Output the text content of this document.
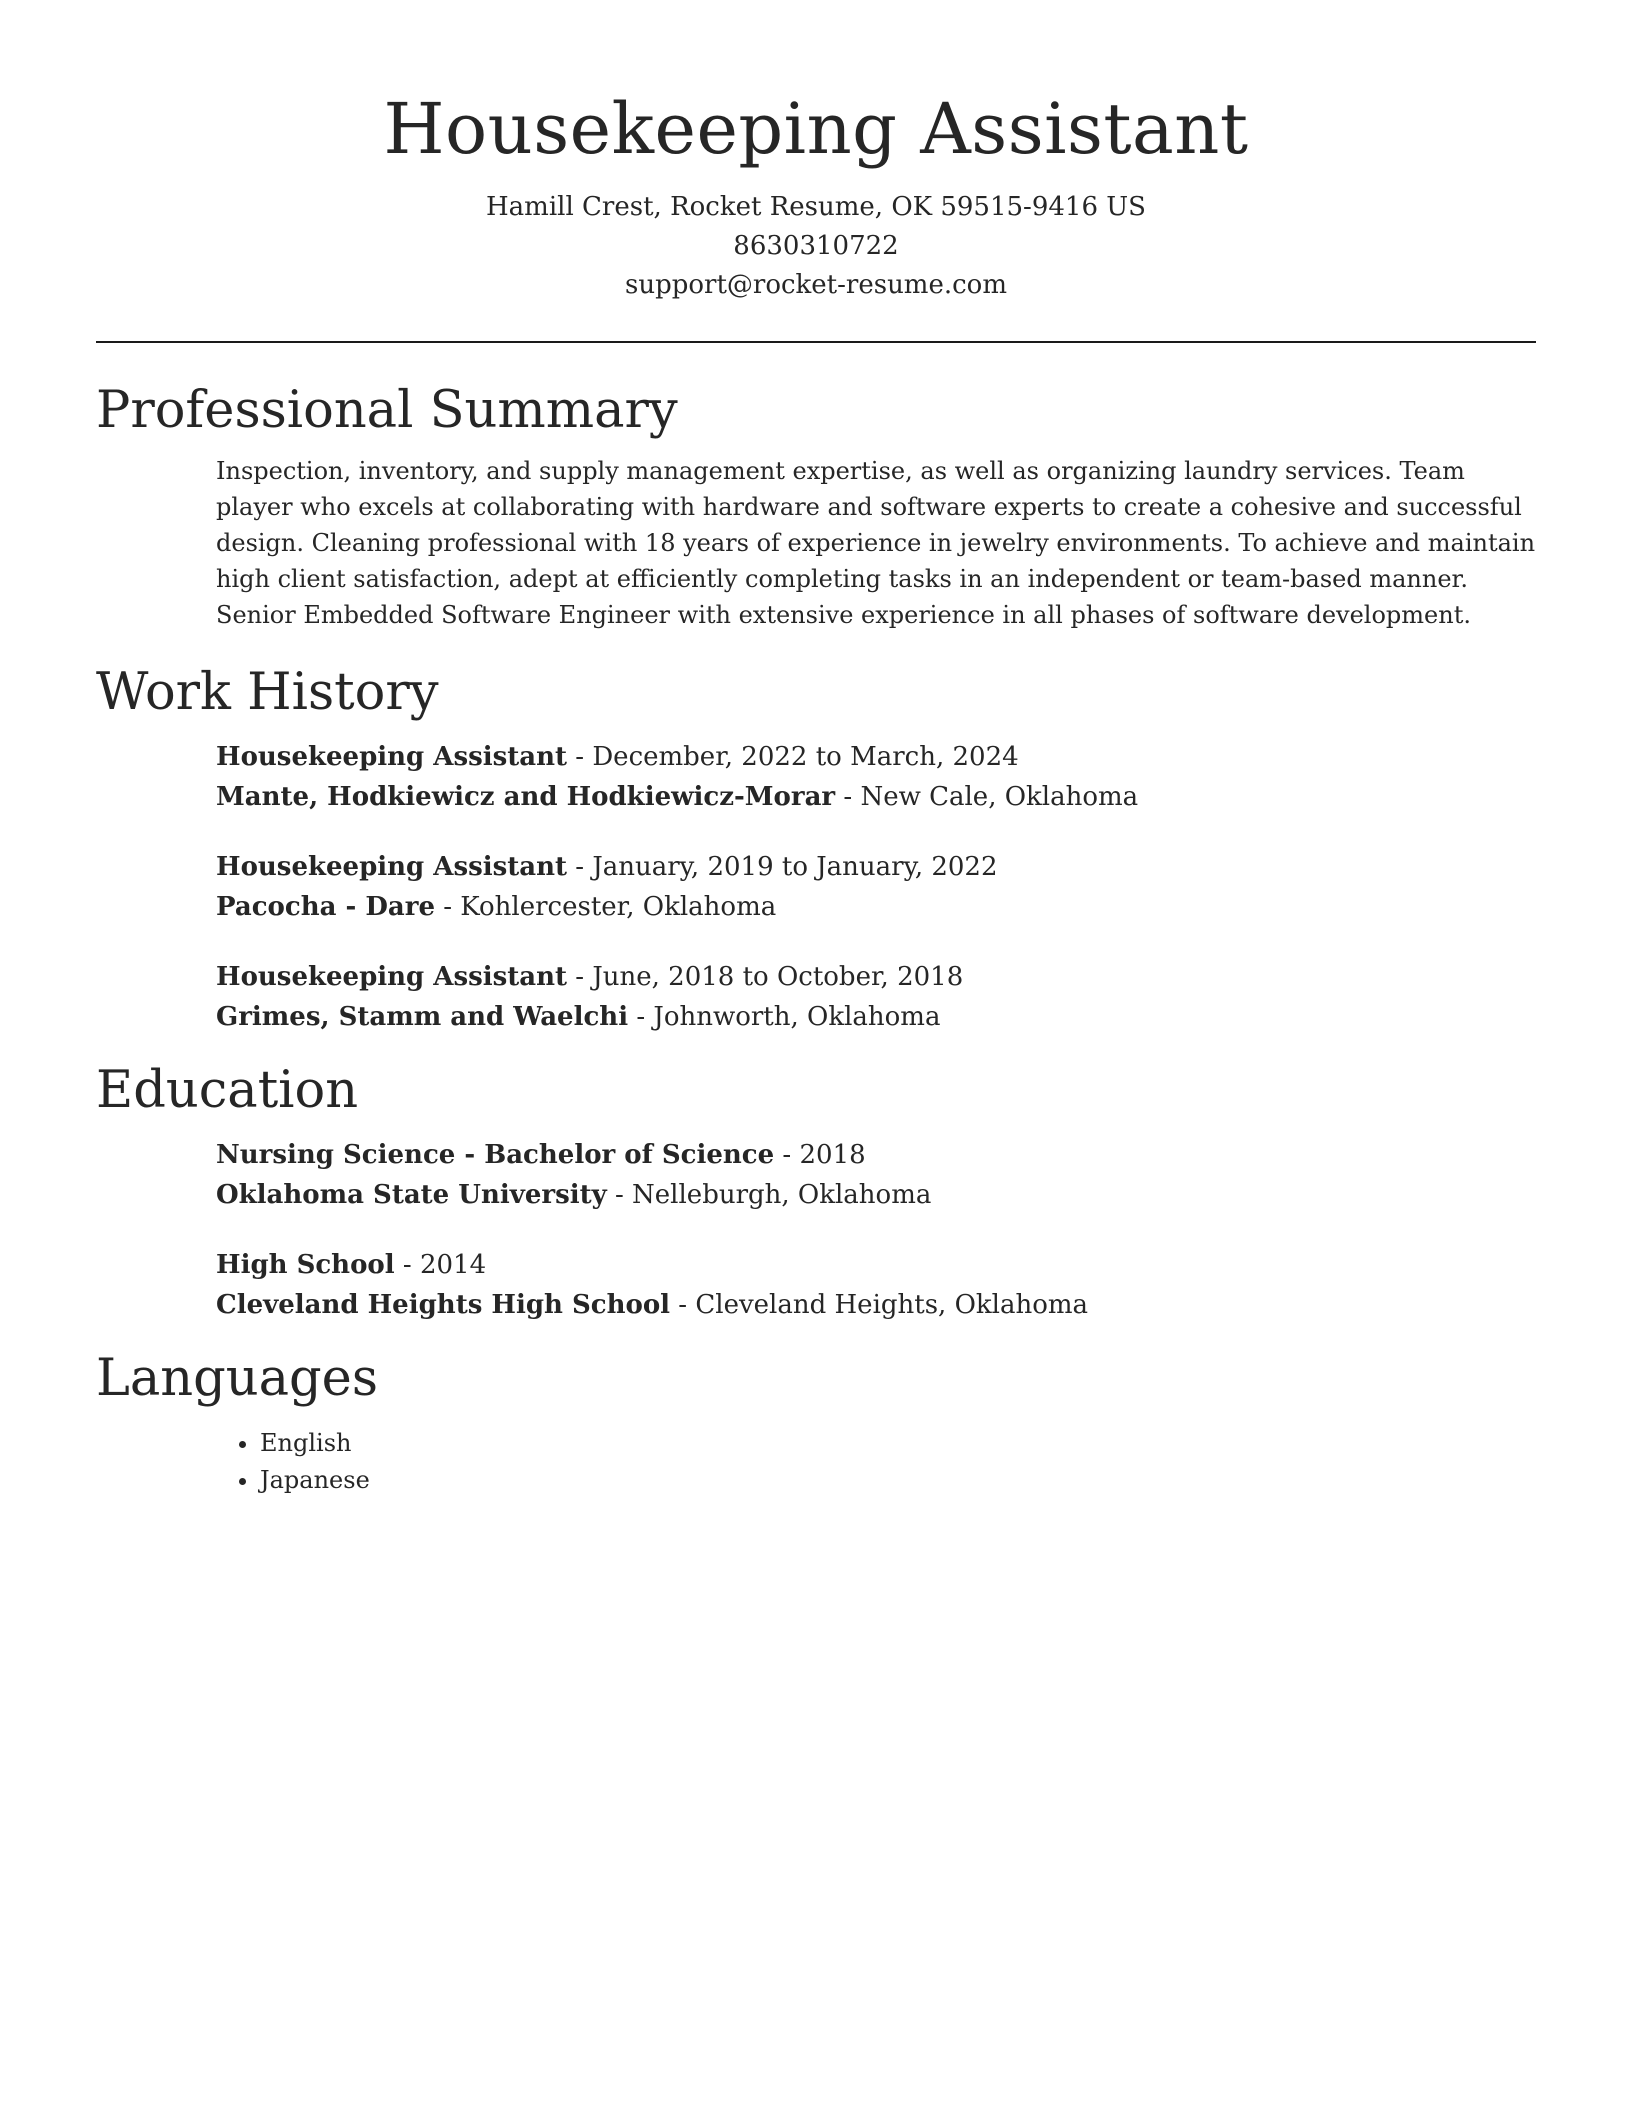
Housekeeping Assistant
Hamill Crest, Rocket Resume, OK 59515-9416 US
8630310722
support@rocket-resume.com
Professional Summary

Inspection, inventory, and supply management expertise, as well as organizing laundry services. Team player who excels at collaborating with hardware and software experts to create a cohesive and successful design. Cleaning professional with 18 years of experience in jewelry environments. To achieve and maintain high client satisfaction, adept at efficiently completing tasks in an independent or team-based manner. Senior Embedded Software Engineer with extensive experience in all phases of software development.

Work History
Housekeeping Assistant - December, 2022 to March, 2024
Mante, Hodkiewicz and Hodkiewicz-Morar - New Cale, Oklahoma
Housekeeping Assistant - January, 2019 to January, 2022
Pacocha - Dare - Kohlercester, Oklahoma
Housekeeping Assistant - June, 2018 to October, 2018
Grimes, Stamm and Waelchi - Johnworth, Oklahoma
Education
Nursing Science - Bachelor of Science - 2018
Oklahoma State University - Nelleburgh, Oklahoma
High School - 2014
Cleveland Heights High School - Cleveland Heights, Oklahoma
Languages
• English
• Japanese
